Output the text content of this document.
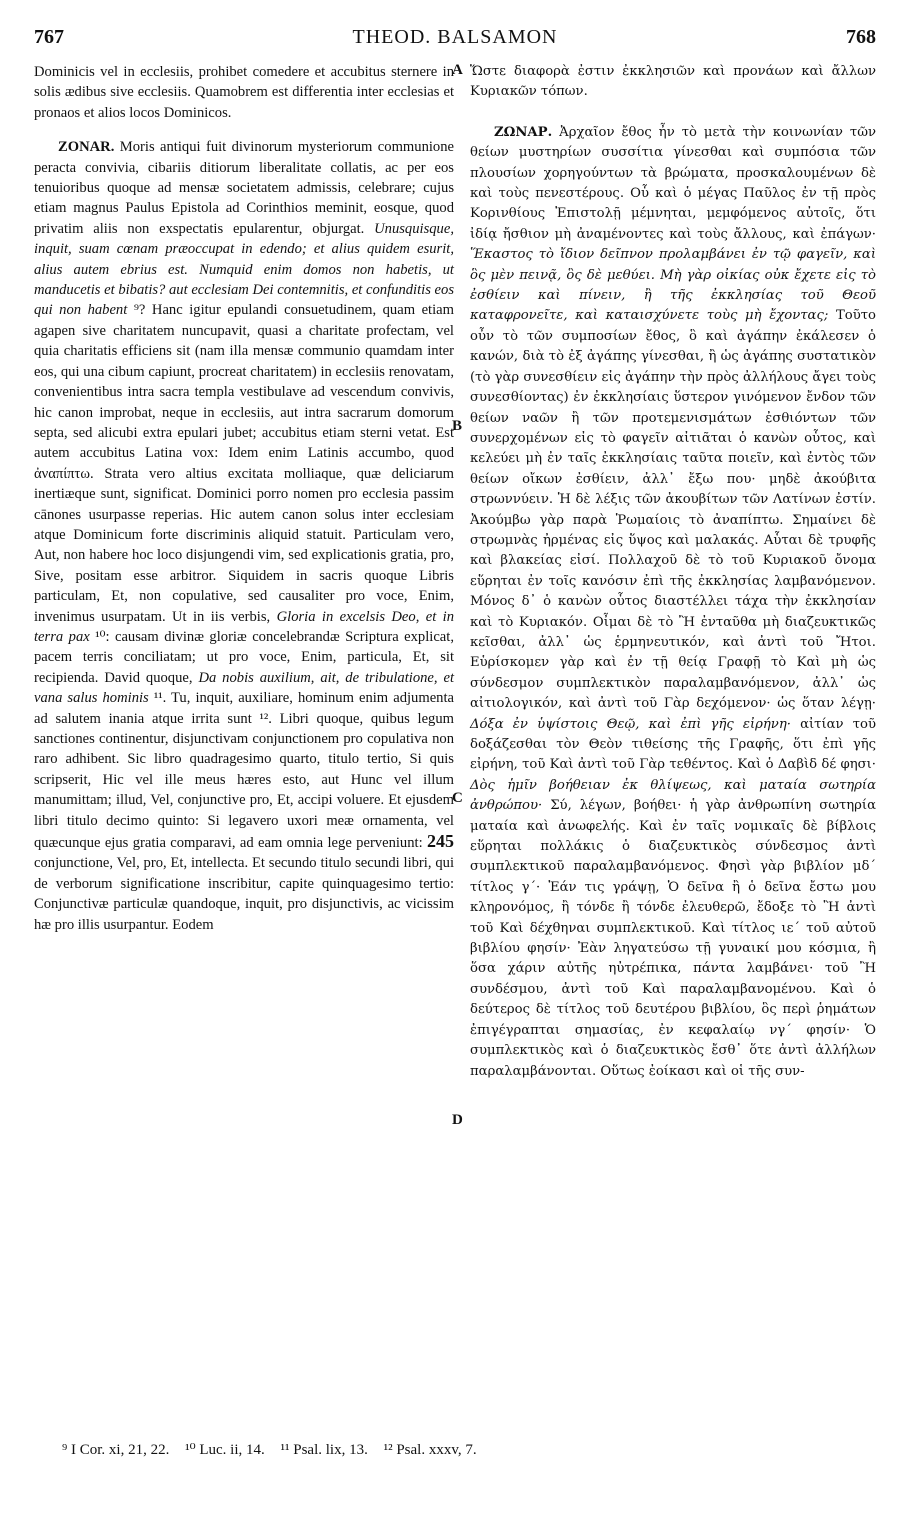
767	THEOD. BALSAMON	768
A
B
C
D

Dominicis vel in ecclesiis, prohibet comedere et accubitus sternere in solis ædibus sive ecclesiis. Quamobrem est differentia inter ecclesias et pronaos et alios locos Dominicos.

ZONAR. Moris antiqui fuit divinorum mysteriorum communione peracta convivia, cibariis ditiorum liberalitate collatis, ac per eos tenuioribus quoque ad mensæ societatem admissis, celebrare; cujus etiam magnus Paulus Epistola ad Corinthios meminit, eosque, quod privatim aliis non exspectatis epularentur, objurgat. Unusquisque, inquit, suam cœnam præoccupat in edendo; et alius quidem esurit, alius autem ebrius est. Numquid enim domos non habetis, ut manducetis et bibatis? aut ecclesiam Dei contemnitis, et confunditis eos qui non habent ⁹? Hanc igitur epulandi consuetudinem, quam etiam agapen sive charitatem nuncupavit, quasi a charitate profectam, vel quia charitatis efficiens sit (nam illa mensæ communio quamdam inter eos, qui una cibum capiunt, procreat charitatem) in ecclesiis renovatam, convenientibus intra sacra templa vestibulave ad vescendum convivis, hic canon improbat, neque in ecclesiis, aut intra sacrarum domorum septa, sed alicubi extra epulari jubet; accubitus etiam sterni vetat. Est autem accubitus Latina vox: Idem enim Latinis accumbo, quod ἀναπίπτω. Strata vero altius excitata molliaque, quæ deliciarum inertiæque sunt, significat. Dominici porro nomen pro ecclesia passim cānones usurpasse reperias. Hic autem canon solus inter ecclesiam atque Dominicum forte discriminis aliquid statuit. Particulam vero, Aut, non habere hoc loco disjungendi vim, sed explicationis gratia, pro, Sive, positam esse arbitror. Siquidem in sacris quoque Libris particulam, Et, non copulative, sed causaliter pro voce, Enim, invenimus usurpatam. Ut in iis verbis, Gloria in excelsis Deo, et in terra pax ¹⁰: causam divinæ gloriæ concelebrandæ Scriptura explicat, pacem terris conciliatam; ut pro voce, Enim, particula, Et, sit recipienda. David quoque, Da nobis auxilium, ait, de tribulatione, et vana salus hominis ¹¹. Tu, inquit, auxiliare, hominum enim adjumenta ad salutem inania atque irrita sunt ¹². Libri quoque, quibus legum sanctiones continentur, disjunctivam conjunctionem pro copulativa non raro adhibent. Sic libro quadragesimo quarto, titulo tertio, Si quis scripserit, Hic vel ille meus hæres esto, aut Hunc vel illum manumittam; illud, Vel, conjunctive pro, Et, accipi voluere. Et ejusdem libri titulo decimo quinto: Si legavero uxori meæ ornamenta, vel quæcunque ejus gratia comparavi, ad eam omnia lege perveniunt: 245 conjunctione, Vel, pro, Et, intellecta. Et secundo titulo secundi libri, qui de verborum significatione inscribitur, capite quinquagesimo tertio: Conjunctivæ particulæ quandoque, inquit, pro disjunctivis, ac vicissim hæ pro illis usurpantur. Eodem

Ὥστε διαφορὰ ἐστιν ἐκκλησιῶν καὶ προνάων καὶ ἄλλων Κυριακῶν τόπων.

ΖΩΝΑΡ. Ἀρχαῖον ἔθος ἦν τὸ μετὰ τὴν κοινωνίαν τῶν θείων μυστηρίων συσσίτια γίνεσθαι καὶ συμπόσια τῶν πλουσίων χορηγούντων τὰ βρώματα, προσκαλουμένων δὲ καὶ τοὺς πενεστέρους. Οὗ καὶ ὁ μέγας Παῦλος ἐν τῇ πρὸς Κορινθίους Ἐπιστολῇ μέμνηται, μεμφόμενος αὐτοῖς, ὅτι ἰδίᾳ ἤσθιον μὴ ἀναμένοντες καὶ τοὺς ἄλλους, καὶ ἐπάγων· Ἕκαστος τὸ ἴδιον δεῖπνον προλαμβάνει ἐν τῷ φαγεῖν, καὶ ὃς μὲν πεινᾷ, ὃς δὲ μεθύει. Μὴ γὰρ οἰκίας οὐκ ἔχετε εἰς τὸ ἐσθίειν καὶ πίνειν, ἢ τῆς ἐκκλησίας τοῦ Θεοῦ καταφρονεῖτε, καὶ καταισχύνετε τοὺς μὴ ἔχοντας; Τοῦτο οὖν τὸ τῶν συμποσίων ἔθος, ὃ καὶ ἀγάπην ἐκάλεσεν ὁ κανών, διὰ τὸ ἐξ ἀγάπης γίνεσθαι, ἢ ὡς ἀγάπης συστατικὸν (τὸ γὰρ συνεσθίειν εἰς ἀγάπην τὴν πρὸς ἀλλήλους ἄγει τοὺς συνεσθίοντας) ἐν ἐκκλησίαις ὕστερον γινόμενον ἔνδον τῶν θείων ναῶν ἢ τῶν προτεμενισμάτων ἐσθιόντων τῶν συνερχομένων εἰς τὸ φαγεῖν αἰτιᾶται ὁ κανὼν οὗτος, καὶ κελεύει μὴ ἐν ταῖς ἐκκλησίαις ταῦτα ποιεῖν, καὶ ἐντὸς τῶν θείων οἴκων ἐσθίειν, ἀλλ᾽ ἔξω που· μηδὲ ἀκούβιτα στρωννύειν. Ἡ δὲ λέξις τῶν ἀκουβίτων τῶν Λατίνων ἐστίν. Ἀκούμβω γὰρ παρὰ Ῥωμαίοις τὸ ἀναπίπτω. Σημαίνει δὲ στρωμνὰς ἠρμένας εἰς ὕψος καὶ μαλακάς. Αὗται δὲ τρυφῆς καὶ βλακείας εἰσί. Πολλαχοῦ δὲ τὸ τοῦ Κυριακοῦ ὄνομα εὕρηται ἐν τοῖς κανόσιν ἐπὶ τῆς ἐκκλησίας λαμβανόμενον. Μόνος δ᾽ ὁ κανὼν οὗτος διαστέλλει τάχα τὴν ἐκκλησίαν καὶ τὸ Κυριακόν. Οἶμαι δὲ τὸ Ἢ ἐνταῦθα μὴ διαζευκτικῶς κεῖσθαι, ἀλλ᾽ ὡς ἑρμηνευτικόν, καὶ ἀντὶ τοῦ Ἤτοι. Εὑρίσκομεν γὰρ καὶ ἐν τῇ θείᾳ Γραφῇ τὸ Καὶ μὴ ὡς σύνδεσμον συμπλεκτικὸν παραλαμβανόμενον, ἀλλ᾽ ὡς αἰτιολογικόν, καὶ ἀντὶ τοῦ Γὰρ δεχόμενον· ὡς ὅταν λέγῃ· Δόξα ἐν ὑψίστοις Θεῷ, καὶ ἐπὶ γῆς εἰρήνη· αἰτίαν τοῦ δοξάζεσθαι τὸν Θεὸν τιθείσης τῆς Γραφῆς, ὅτι ἐπὶ γῆς εἰρήνη, τοῦ Καὶ ἀντὶ τοῦ Γὰρ τεθέντος. Καὶ ὁ Δαβὶδ δέ φησι· Δὸς ἡμῖν βοήθειαν ἐκ θλίψεως, καὶ ματαία σωτηρία ἀνθρώπου· Σύ, λέγων, βοήθει· ἡ γὰρ ἀνθρωπίνη σωτηρία ματαία καὶ ἀνωφελής. Καὶ ἐν ταῖς νομικαῖς δὲ βίβλοις εὕρηται πολλάκις ὁ διαζευκτικὸς σύνδεσμος ἀντὶ συμπλεκτικοῦ παραλαμβανόμενος. Φησὶ γὰρ βιβλίον μδ΄ τίτλος γ΄· Ἐάν τις γράψῃ, Ὁ δεῖνα ἢ ὁ δεῖνα ἔστω μου κληρονόμος, ἢ τόνδε ἢ τόνδε ἐλευθερῶ, ἔδοξε τὸ Ἢ ἀντὶ τοῦ Καὶ δέχθηναι συμπλεκτικοῦ. Καὶ τίτλος ιε΄ τοῦ αὐτοῦ βιβλίου φησίν· Ἐὰν ληγατεύσω τῇ γυναικί μου κόσμια, ἢ ὅσα χάριν αὐτῆς ηὐτρέπικα, πάντα λαμβάνει· τοῦ Ἢ συνδέσμου, ἀντὶ τοῦ Καὶ παραλαμβανομένου. Καὶ ὁ δεύτερος δὲ τίτλος τοῦ δευτέρου βιβλίου, ὃς περὶ ῥημάτων ἐπιγέγραπται σημασίας, ἐν κεφαλαίῳ νγ΄ φησίν· Ὁ συμπλεκτικὸς καὶ ὁ διαζευκτικὸς ἔσθ᾽ ὅτε ἀντὶ ἀλλήλων παραλαμβάνονται. Οὕτως ἐοίκασι καὶ οἱ τῆς συν-

⁹ I Cor. xi, 21, 22. ¹⁰ Luc. ii, 14. ¹¹ Psal. lix, 13. ¹² Psal. xxxv, 7.
